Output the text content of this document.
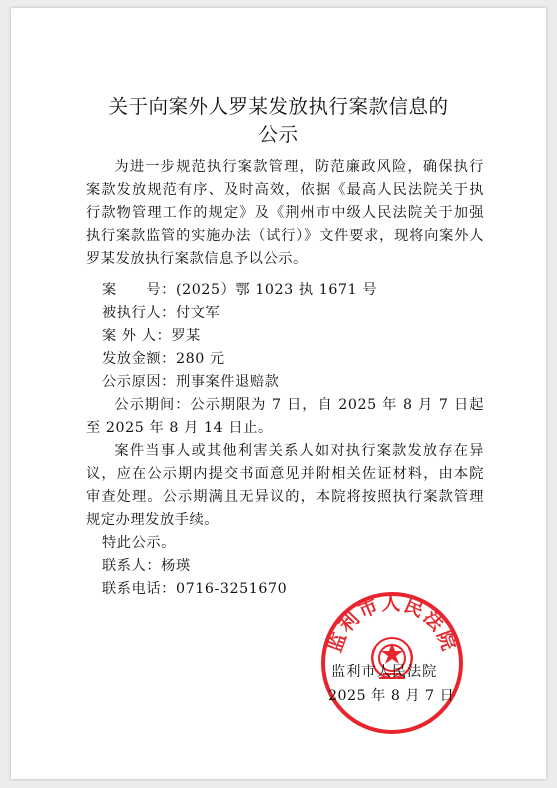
关于向案外人罗某发放执行案款信息的
公示
为进一步规范执行案款管理，防范廉政风险，确保执行案款发放规范有序、及时高效，依据《最高人民法院关于执行款物管理工作的规定》及《荆州市中级人民法院关于加强执行案款监管的实施办法（试行）》文件要求，现将向案外人罗某发放执行案款信息予以公示。
案　　号：(2025）鄂 1023 执 1671 号
被执行人：付文军
案 外 人：罗某
发放金额：280 元
公示原因：刑事案件退赔款
公示期间：公示期限为 7 日，自 2025 年 8 月 7 日起至 2025 年 8 月 14 日止。
案件当事人或其他利害关系人如对执行案款发放存在异议，应在公示期内提交书面意见并附相关佐证材料，由本院审查处理。公示期满且无异议的，本院将按照执行案款管理规定办理发放手续。
特此公示。
联系人：杨瑛
联系电话：0716-3251670
监利市人民法院
监利市人民法院
2025 年 8 月 7 日
